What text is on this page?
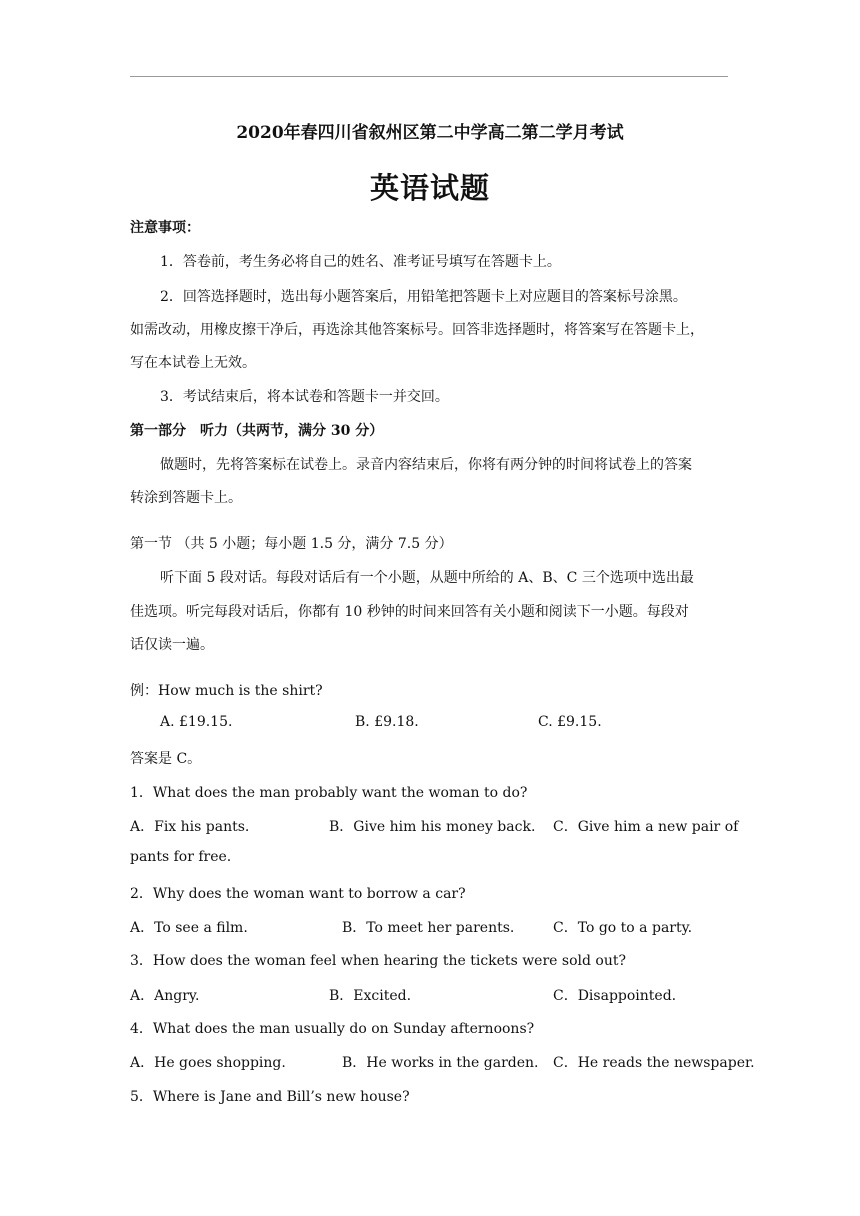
2020年春四川省叙州区第二中学高二第二学月考试
英语试题
注意事项：
1．答卷前，考生务必将自己的姓名、准考证号填写在答题卡上。
2．回答选择题时，选出每小题答案后，用铅笔把答题卡上对应题目的答案标号涂黑。
如需改动，用橡皮擦干净后，再选涂其他答案标号。回答非选择题时，将答案写在答题卡上，
写在本试卷上无效。
3．考试结束后，将本试卷和答题卡一并交回。
第一部分　听力（共两节，满分 30 分）
做题时，先将答案标在试卷上。录音内容结束后，你将有两分钟的时间将试卷上的答案
转涂到答题卡上。
第一节 （共 5 小题；每小题 1.5 分，满分 7.5 分）
听下面 5 段对话。每段对话后有一个小题，从题中所给的 A、B、C 三个选项中选出最
佳选项。听完每段对话后，你都有 10 秒钟的时间来回答有关小题和阅读下一小题。每段对
话仅读一遍。
例：How much is the shirt?
A. £19.15.	B. £9.18.	C. £9.15.
答案是 C。
1．What does the man probably want the woman to do?
A．Fix his pants.	B．Give him his money back. C．Give him a new pair of
pants for free.
2．Why does the woman want to borrow a car?
A．To see a film.	B．To meet her parents.	C．To go to a party.
3．How does the woman feel when hearing the tickets were sold out?
A．Angry.	B．Excited.	C．Disappointed.
4．What does the man usually do on Sunday afternoons?
A．He goes shopping.	B．He works in the garden. C．He reads the newspaper.
5．Where is Jane and Bill’s new house?
